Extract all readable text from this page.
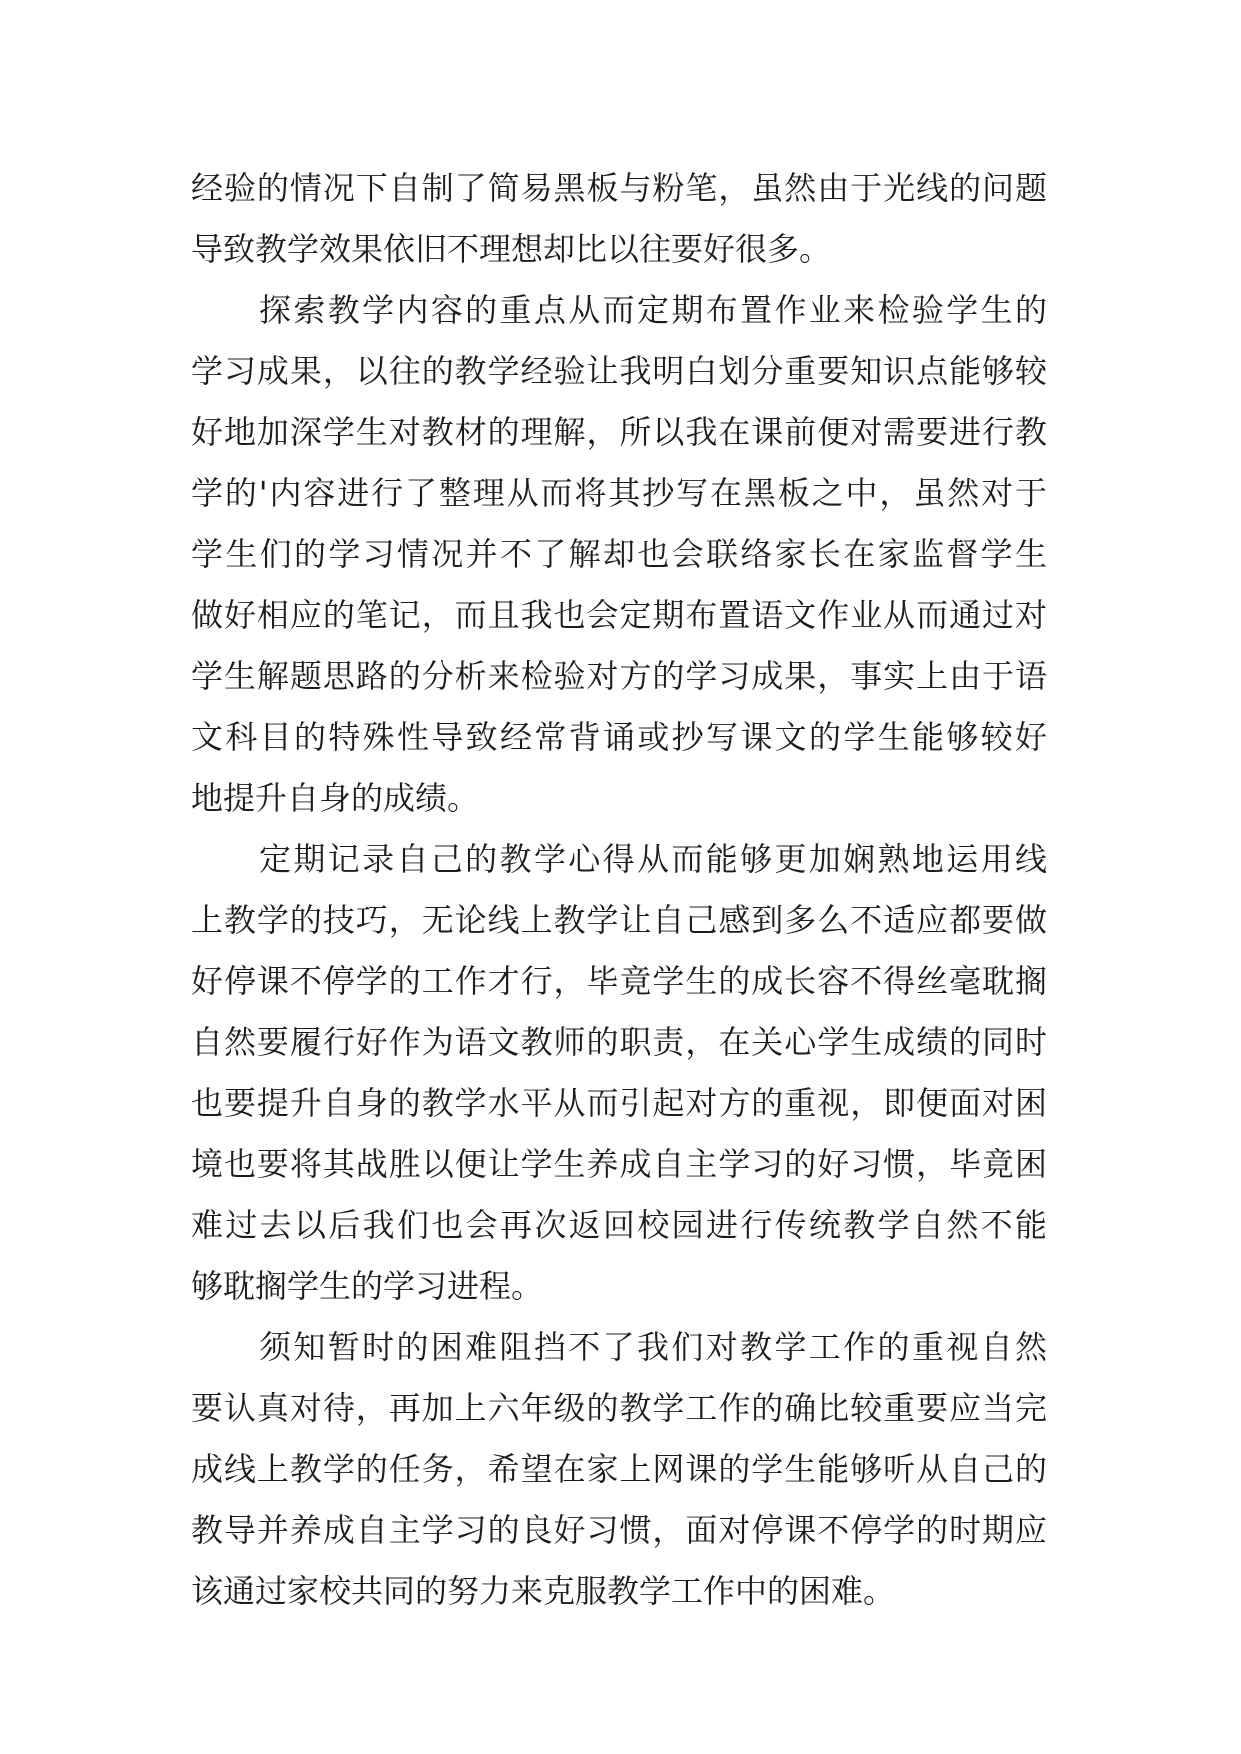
经验的情况下自制了简易黑板与粉笔，虽然由于光线的问题
导致教学效果依旧不理想却比以往要好很多。
探索教学内容的重点从而定期布置作业来检验学生的
学习成果，以往的教学经验让我明白划分重要知识点能够较
好地加深学生对教材的理解，所以我在课前便对需要进行教
学的'内容进行了整理从而将其抄写在黑板之中，虽然对于
学生们的学习情况并不了解却也会联络家长在家监督学生
做好相应的笔记，而且我也会定期布置语文作业从而通过对
学生解题思路的分析来检验对方的学习成果，事实上由于语
文科目的特殊性导致经常背诵或抄写课文的学生能够较好
地提升自身的成绩。
定期记录自己的教学心得从而能够更加娴熟地运用线
上教学的技巧，无论线上教学让自己感到多么不适应都要做
好停课不停学的工作才行，毕竟学生的成长容不得丝毫耽搁
自然要履行好作为语文教师的职责，在关心学生成绩的同时
也要提升自身的教学水平从而引起对方的重视，即便面对困
境也要将其战胜以便让学生养成自主学习的好习惯，毕竟困
难过去以后我们也会再次返回校园进行传统教学自然不能
够耽搁学生的学习进程。
须知暂时的困难阻挡不了我们对教学工作的重视自然
要认真对待，再加上六年级的教学工作的确比较重要应当完
成线上教学的任务，希望在家上网课的学生能够听从自己的
教导并养成自主学习的良好习惯，面对停课不停学的时期应
该通过家校共同的努力来克服教学工作中的困难。
